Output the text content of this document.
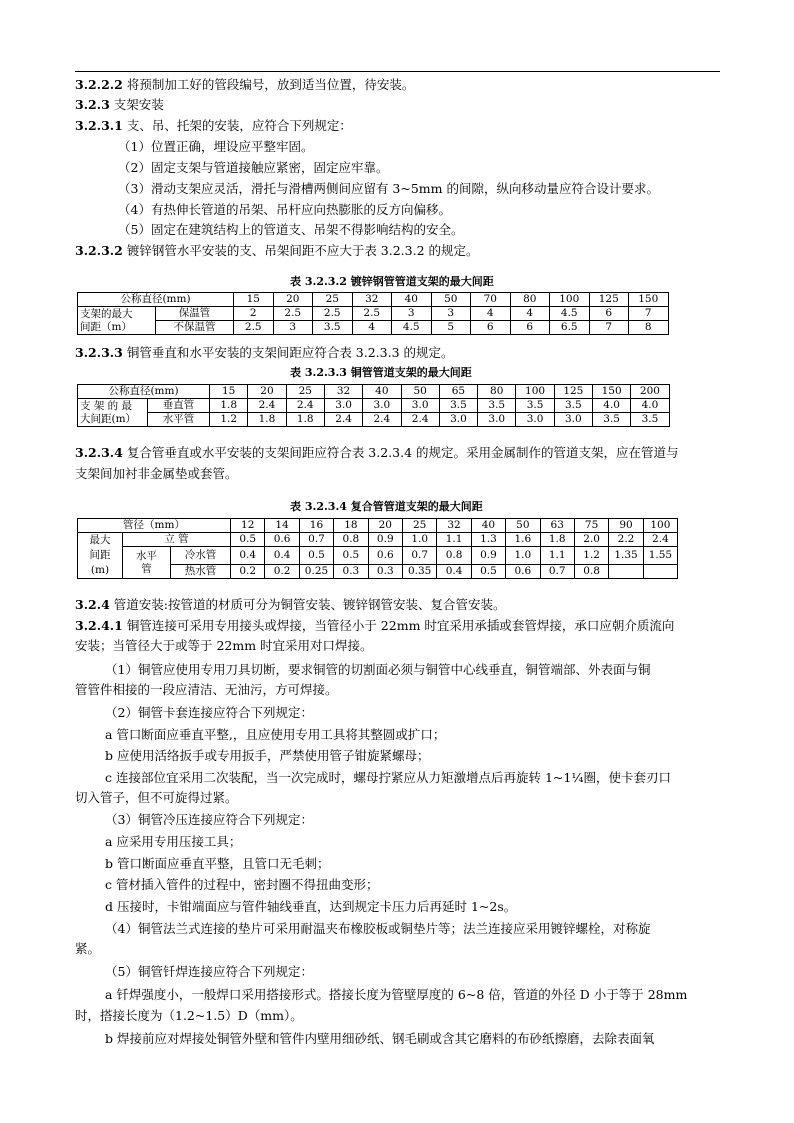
3.2.2.2 将预制加工好的管段编号，放到适当位置，待安装。
3.2.3 支架安装
3.2.3.1 支、吊、托架的安装，应符合下列规定：
（1）位置正确，埋设应平整牢固。
（2）固定支架与管道接触应紧密，固定应牢靠。
（3）滑动支架应灵活，滑托与滑槽两侧间应留有 3~5mm 的间隙，纵向移动量应符合设计要求。
（4）有热伸长管道的吊架、吊杆应向热膨胀的反方向偏移。
（5）固定在建筑结构上的管道支、吊架不得影响结构的安全。
3.2.3.2 镀锌钢管水平安装的支、吊架间距不应大于表 3.2.3.2 的规定。
表 3.2.3.2 镀锌钢管管道支架的最大间距
公称直径(mm)		15	20	25	32	40	50	70	80	100	125	150
支架的最大
间距（m）	保温管	2	2.5	2.5	2.5	3	3	4	4	4.5	6	7
	不保温管	2.5	3	3.5	4	4.5	5	6	6	6.5	7	8
3.2.3.3 铜管垂直和水平安装的支架间距应符合表 3.2.3.3 的规定。
表 3.2.3.3 铜管管道支架的最大间距
公称直径(mm)		15	20	25	32	40	50	65	80	100	125	150	200
支 架 的 最
大间距(m）	垂直管	1.8	2.4	2.4	3.0	3.0	3.0	3.5	3.5	3.5	3.5	4.0	4.0
	水平管	1.2	1.8	1.8	2.4	2.4	2.4	3.0	3.0	3.0	3.0	3.5	3.5
3.2.3.4 复合管垂直或水平安装的支架间距应符合表 3.2.3.4 的规定。采用金属制作的管道支架，应在管道与
支架间加衬非金属垫或套管。
表 3.2.3.4 复合管管道支架的最大间距
管径（mm）			12	14	16	18	20	25	32	40	50	63	75	90	100
最大
间距
(m)	立 管		0.5	0.6	0.7	0.8	0.9	1.0	1.1	1.3	1.6	1.8	2.0	2.2	2.4
	水平
管	冷水管	0.4	0.4	0.5	0.5	0.6	0.7	0.8	0.9	1.0	1.1	1.2	1.35	1.55
		热水管	0.2	0.2	0.25	0.3	0.3	0.35	0.4	0.5	0.6	0.7	0.8		
3.2.4 管道安装:按管道的材质可分为铜管安装、镀锌钢管安装、复合管安装。
3.2.4.1 铜管连接可采用专用接头或焊接，当管径小于 22mm 时宜采用承插或套管焊接，承口应朝介质流向
安装；当管径大于或等于 22mm 时宜采用对口焊接。
（1）铜管应使用专用刀具切断，要求铜管的切割面必须与铜管中心线垂直，铜管端部、外表面与铜
管管件相接的一段应清洁、无油污，方可焊接。
（2）铜管卡套连接应符合下列规定：
a 管口断面应垂直平整,，且应使用专用工具将其整圆或扩口；
b 应使用活络扳手或专用扳手，严禁使用管子钳旋紧螺母；
c 连接部位宜采用二次装配，当一次完成时，螺母拧紧应从力矩激增点后再旋转 1~1¼圈，使卡套刃口
切入管子，但不可旋得过紧。
（3）铜管冷压连接应符合下列规定：
a 应采用专用压接工具；
b 管口断面应垂直平整，且管口无毛刺；
c 管材插入管件的过程中，密封圈不得扭曲变形；
d 压接时，卡钳端面应与管件轴线垂直，达到规定卡压力后再延时 1~2s。
（4）铜管法兰式连接的垫片可采用耐温夹布橡胶板或铜垫片等；法兰连接应采用镀锌螺栓，对称旋
紧。
（5）铜管钎焊连接应符合下列规定：
a 钎焊强度小，一般焊口采用搭接形式。搭接长度为管壁厚度的 6~8 倍，管道的外径 D 小于等于 28mm
时，搭接长度为（1.2~1.5）D（mm）。
b 焊接前应对焊接处铜管外壁和管件内壁用细砂纸、钢毛刷或含其它磨料的布砂纸擦磨，去除表面氧
